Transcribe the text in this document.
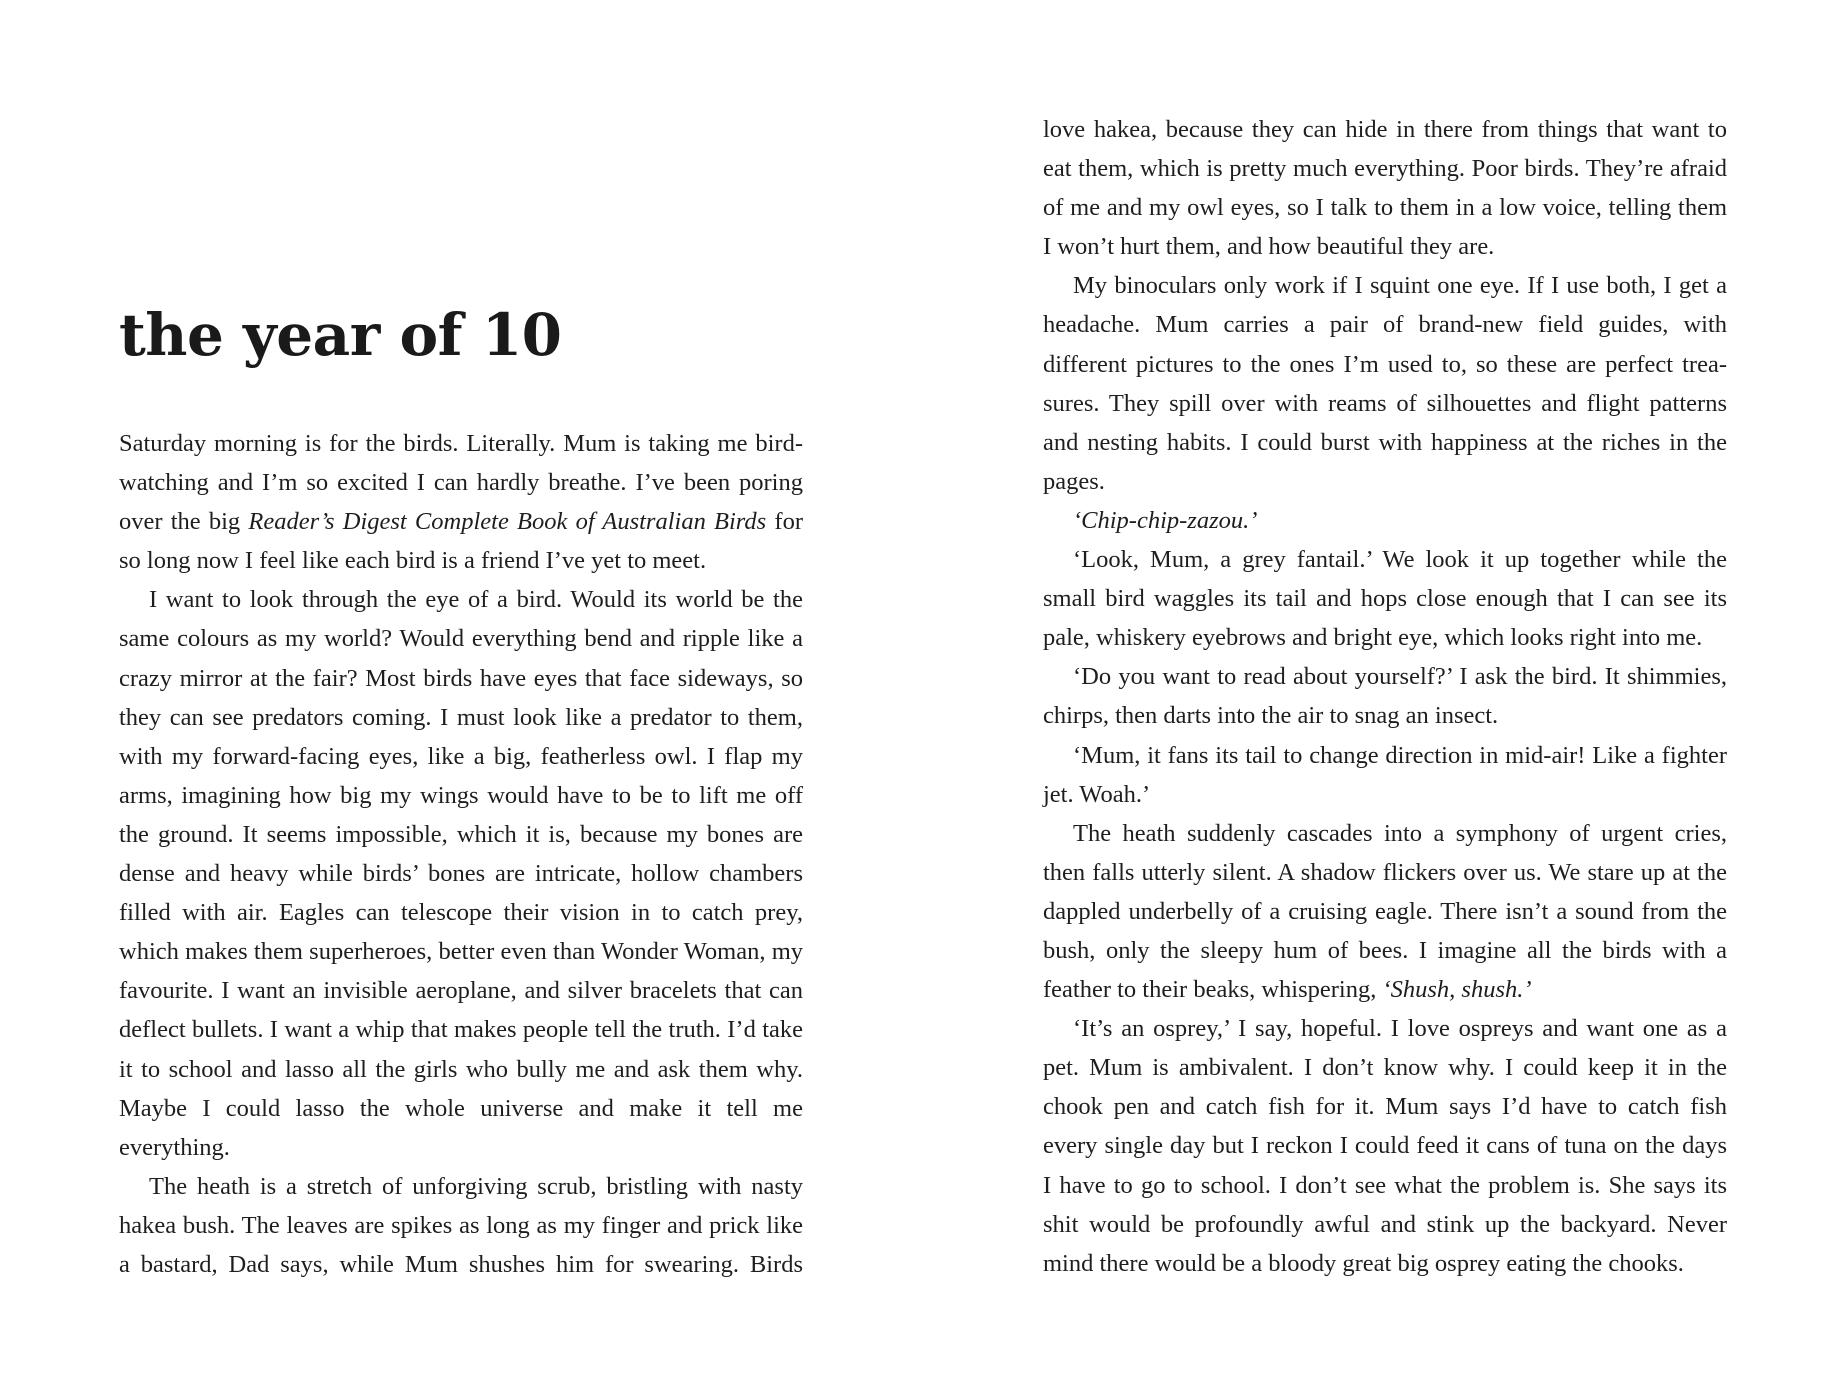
the year of 10

Saturday morning is for the birds. Literally. Mum is taking me birdwatching and I’m so excited I can hardly breathe. I’ve been poring over the big Reader’s Digest Complete Book of Australian Birds for so long now I feel like each bird is a friend I’ve yet to meet.

I want to look through the eye of a bird. Would its world be the same colours as my world? Would everything bend and ripple like a crazy mirror at the fair? Most birds have eyes that face sideways, so they can see predators coming. I must look like a predator to them, with my forward-facing eyes, like a big, featherless owl. I flap my arms, imagining how big my wings would have to be to lift me off the ground. It seems impossible, which it is, because my bones are dense and heavy while birds’ bones are intricate, hollow chambers filled with air. Eagles can telescope their vision in to catch prey, which makes them superheroes, better even than Wonder Woman, my favourite. I want an invisible aeroplane, and silver bracelets that can deflect bullets. I want a whip that makes people tell the truth. I’d take it to school and lasso all the girls who bully me and ask them why. Maybe I could lasso the whole universe and make it tell me everything.

The heath is a stretch of unforgiving scrub, bristling with nasty hakea bush. The leaves are spikes as long as my finger and prick like a bastard, Dad says, while Mum shushes him for swearing. Birds

love hakea, because they can hide in there from things that want to eat them, which is pretty much everything. Poor birds. They’re afraid of me and my owl eyes, so I talk to them in a low voice, telling them I won’t hurt them, and how beautiful they are.

My binoculars only work if I squint one eye. If I use both, I get a headache. Mum carries a pair of brand-new field guides, with different pictures to the ones I’m used to, so these are perfect treasures. They spill over with reams of silhouettes and flight patterns and nesting habits. I could burst with happiness at the riches in the pages.

‘Chip-chip-zazou.’

‘Look, Mum, a grey fantail.’ We look it up together while the small bird waggles its tail and hops close enough that I can see its pale, whiskery eyebrows and bright eye, which looks right into me.

‘Do you want to read about yourself?’ I ask the bird. It shimmies, chirps, then darts into the air to snag an insect.

‘Mum, it fans its tail to change direction in mid-air! Like a fighter jet. Woah.’

The heath suddenly cascades into a symphony of urgent cries, then falls utterly silent. A shadow flickers over us. We stare up at the dappled underbelly of a cruising eagle. There isn’t a sound from the bush, only the sleepy hum of bees. I imagine all the birds with a feather to their beaks, whispering, ‘Shush, shush.’

‘It’s an osprey,’ I say, hopeful. I love ospreys and want one as a pet. Mum is ambivalent. I don’t know why. I could keep it in the chook pen and catch fish for it. Mum says I’d have to catch fish every single day but I reckon I could feed it cans of tuna on the days I have to go to school. I don’t see what the problem is. She says its shit would be profoundly awful and stink up the backyard. Never mind there would be a bloody great big osprey eating the chooks.
